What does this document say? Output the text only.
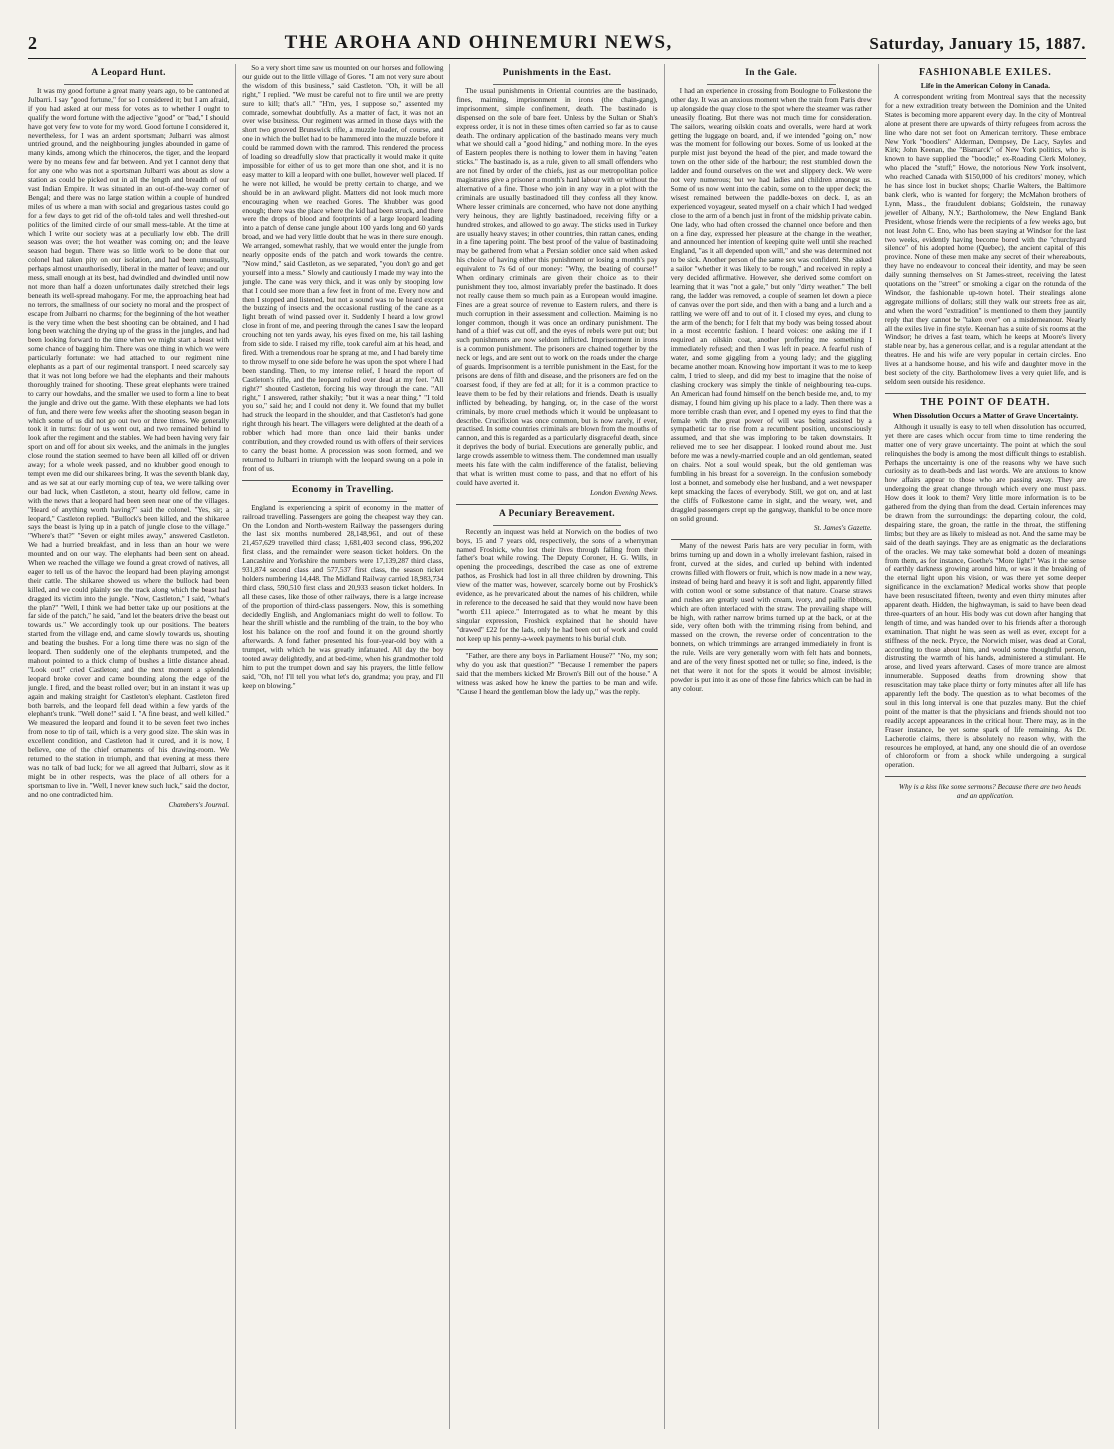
2	THE AROHA AND OHINEMURI NEWS,	Saturday, January 15, 1887.
A Leopard Hunt.

It was my good fortune a great many years ago, to be cantoned at Julbarri. I say "good fortune," for so I considered it; but I am afraid, if you had asked at our mess for votes as to whether I ought to qualify the word fortune with the adjective "good" or "bad," I should have got very few to vote for my word. Good fortune I considered it, nevertheless, for I was an ardent sportsman; Julbarri was almost untried ground, and the neighbouring jungles abounded in game of many kinds, among which the rhinoceros, the tiger, and the leopard were by no means few and far between. And yet I cannot deny that for any one who was not a sportsman Julbarri was about as slow a station as could be picked out in all the length and breadth of our vast Indian Empire. It was situated in an out-of-the-way corner of Bengal; and there was no large station within a couple of hundred miles of us where a man with social and gregarious tastes could go for a few days to get rid of the oft-told tales and well threshed-out politics of the limited circle of our small mess-table. At the time at which I write our society was at a peculiarly low ebb. The drill season was over; the hot weather was coming on; and the leave season had begun. There was so little work to be done that our colonel had taken pity on our isolation, and had been unusually, perhaps almost unauthorisedly, liberal in the matter of leave; and our mess, small enough at its best, had dwindled and dwindled until now not more than half a dozen unfortunates daily stretched their legs beneath its well-spread mahogany. For me, the approaching heat had no terrors, the smallness of our society no moral and the prospect of escape from Julbarri no charms; for the beginning of the hot weather is the very time when the best shooting can be obtained, and I had long been watching the drying up of the grass in the jungles, and had been looking forward to the time when we might start a beast with some chance of bagging him. There was one thing in which we were particularly fortunate: we had attached to our regiment nine elephants as a part of our regimental transport. I need scarcely say that it was not long before we had the elephants and their mahouts thoroughly trained for shooting. These great elephants were trained to carry our howdahs, and the smaller we used to form a line to beat the jungle and drive out the game. With these elephants we had lots of fun, and there were few weeks after the shooting season began in which some of us did not go out two or three times. We generally took it in turns: four of us went out, and two remained behind to look after the regiment and the stables. We had been having very fair sport on and off for about six weeks, and the animals in the jungles close round the station seemed to have been all killed off or driven away; for a whole week passed, and no khubber good enough to tempt even me did our shikarees bring. It was the seventh blank day, and as we sat at our early morning cup of tea, we were talking over our bad luck, when Castleton, a stout, hearty old fellow, came in with the news that a leopard had been seen near one of the villages. "Heard of anything worth having?" said the colonel. "Yes, sir; a leopard," Castleton replied. "Bullock's been killed, and the shikaree says the beast is lying up in a patch of jungle close to the village." "Where's that?" "Seven or eight miles away," answered Castleton. We had a hurried breakfast, and in less than an hour we were mounted and on our way. The elephants had been sent on ahead. When we reached the village we found a great crowd of natives, all eager to tell us of the havoc the leopard had been playing amongst their cattle. The shikaree showed us where the bullock had been killed, and we could plainly see the track along which the beast had dragged its victim into the jungle. "Now, Castleton," I said, "what's the plan?" "Well, I think we had better take up our positions at the far side of the patch," he said, "and let the beaters drive the beast out towards us." We accordingly took up our positions. The beaters started from the village end, and came slowly towards us, shouting and beating the bushes. For a long time there was no sign of the leopard. Then suddenly one of the elephants trumpeted, and the mahout pointed to a thick clump of bushes a little distance ahead. "Look out!" cried Castleton; and the next moment a splendid leopard broke cover and came bounding along the edge of the jungle. I fired, and the beast rolled over; but in an instant it was up again and making straight for Castleton's elephant. Castleton fired both barrels, and the leopard fell dead within a few yards of the elephant's trunk. "Well done!" said I. "A fine beast, and well killed." We measured the leopard and found it to be seven feet two inches from nose to tip of tail, which is a very good size. The skin was in excellent condition, and Castleton had it cured, and it is now, I believe, one of the chief ornaments of his drawing-room. We returned to the station in triumph, and that evening at mess there was no talk of bad luck; for we all agreed that Julbarri, slow as it might be in other respects, was the place of all others for a sportsman to live in. "Well, I never knew such luck," said the doctor, and no one contradicted him.

Chambers's Journal.

So a very short time saw us mounted on our horses and following our guide out to the little village of Gores. "I am not very sure about the wisdom of this business," said Castleton. "Oh, it will be all right," I replied. "We must be careful not to fire until we are pretty sure to kill; that's all." "H'm, yes, I suppose so," assented my comrade, somewhat doubtfully. As a matter of fact, it was not an over wise business. Our regiment was armed in those days with the short two grooved Brunswick rifle, a muzzle loader, of course, and one in which the bullet had to be hammered into the muzzle before it could be rammed down with the ramrod. This rendered the process of loading so dreadfully slow that practically it would make it quite impossible for either of us to get more than one shot, and it is no easy matter to kill a leopard with one bullet, however well placed. If he were not killed, he would be pretty certain to charge, and we should be in an awkward plight. Matters did not look much more encouraging when we reached Gores. The khubber was good enough; there was the place where the kid had been struck, and there were the drops of blood and footprints of a large leopard leading into a patch of dense cane jungle about 100 yards long and 60 yards broad, and we had very little doubt that he was in there sure enough. We arranged, somewhat rashly, that we would enter the jungle from nearly opposite ends of the patch and work towards the centre. "Now mind," said Castleton, as we separated, "you don't go and get yourself into a mess." Slowly and cautiously I made my way into the jungle. The cane was very thick, and it was only by stooping low that I could see more than a few feet in front of me. Every now and then I stopped and listened, but not a sound was to be heard except the buzzing of insects and the occasional rustling of the cane as a light breath of wind passed over it. Suddenly I heard a low growl close in front of me, and peering through the canes I saw the leopard crouching not ten yards away, his eyes fixed on me, his tail lashing from side to side. I raised my rifle, took careful aim at his head, and fired. With a tremendous roar he sprang at me, and I had barely time to throw myself to one side before he was upon the spot where I had been standing. Then, to my intense relief, I heard the report of Castleton's rifle, and the leopard rolled over dead at my feet. "All right?" shouted Castleton, forcing his way through the cane. "All right," I answered, rather shakily; "but it was a near thing." "I told you so," said he; and I could not deny it. We found that my bullet had struck the leopard in the shoulder, and that Castleton's had gone right through his heart. The villagers were delighted at the death of a robber which had more than once laid their banks under contribution, and they crowded round us with offers of their services to carry the beast home. A procession was soon formed, and we returned to Julbarri in triumph with the leopard swung on a pole in front of us.

Economy in Travelling.

England is experiencing a spirit of economy in the matter of railroad travelling. Passengers are going the cheapest way they can. On the London and North-western Railway the passengers during the last six months numbered 28,148,961, and out of these 21,457,629 travelled third class; 1,681,403 second class, 996,202 first class, and the remainder were season ticket holders. On the Lancashire and Yorkshire the numbers were 17,139,287 third class, 931,874 second class and 577,537 first class, the season ticket holders numbering 14,448. The Midland Railway carried 18,983,734 third class, 590,510 first class and 20,933 season ticket holders. In all these cases, like those of other railways, there is a large increase of the proportion of third-class passengers. Now, this is something decidedly English, and Anglomaniacs might do well to follow. To hear the shrill whistle and the rumbling of the train, to the boy who lost his balance on the roof and found it on the ground shortly afterwards. A fond father presented his four-year-old boy with a trumpet, with which he was greatly infatuated. All day the boy tooted away delightedly, and at bed-time, when his grandmother told him to put the trumpet down and say his prayers, the little fellow said, "Oh, no! I'll tell you what let's do, grandma; you pray, and I'll keep on blowing."

Punishments in the East.

The usual punishments in Oriental countries are the bastinado, fines, maiming, imprisonment in irons (the chain-gang), imprisonment, simple confinement, death. The bastinado is dispensed on the sole of bare feet. Unless by the Sultan or Shah's express order, it is not in these times often carried so far as to cause death. The ordinary application of the bastinado means very much what we should call a "good hiding," and nothing more. In the eyes of Eastern peoples there is nothing to lower them in having "eaten sticks." The bastinado is, as a rule, given to all small offenders who are not fined by order of the chiefs, just as our metropolitan police magistrates give a prisoner a month's hard labour with or without the alternative of a fine. Those who join in any way in a plot with the criminals are usually bastinadoed till they confess all they know. Where lesser criminals are concerned, who have not done anything very heinous, they are lightly bastinadoed, receiving fifty or a hundred strokes, and allowed to go away. The sticks used in Turkey are usually heavy staves; in other countries, thin rattan canes, ending in a fine tapering point. The best proof of the value of bastinadoing may be gathered from what a Persian soldier once said when asked his choice of having either this punishment or losing a month's pay equivalent to 7s 6d of our money: "Why, the beating of course!" When ordinary criminals are given their choice as to their punishment they too, almost invariably prefer the bastinado. It does not really cause them so much pain as a European would imagine. Fines are a great source of revenue to Eastern rulers, and there is much corruption in their assessment and collection. Maiming is no longer common, though it was once an ordinary punishment. The hand of a thief was cut off, and the eyes of rebels were put out; but such punishments are now seldom inflicted. Imprisonment in irons is a common punishment. The prisoners are chained together by the neck or legs, and are sent out to work on the roads under the charge of guards. Imprisonment is a terrible punishment in the East, for the prisons are dens of filth and disease, and the prisoners are fed on the coarsest food, if they are fed at all; for it is a common practice to leave them to be fed by their relations and friends. Death is usually inflicted by beheading, by hanging, or, in the case of the worst criminals, by more cruel methods which it would be unpleasant to describe. Crucifixion was once common, but is now rarely, if ever, practised. In some countries criminals are blown from the mouths of cannon, and this is regarded as a particularly disgraceful death, since it deprives the body of burial. Executions are generally public, and large crowds assemble to witness them. The condemned man usually meets his fate with the calm indifference of the fatalist, believing that what is written must come to pass, and that no effort of his could have averted it.

London Evening News.
A Pecuniary Bereavement.

Recently an inquest was held at Norwich on the bodies of two boys, 15 and 7 years old, respectively, the sons of a wherryman named Froshick, who lost their lives through falling from their father's boat while rowing. The Deputy Coroner, H. G. Wills, in opening the proceedings, described the case as one of extreme pathos, as Froshick had lost in all three children by drowning. This view of the matter was, however, scarcely borne out by Froshick's evidence, as he prevaricated about the names of his children, while in reference to the deceased he said that they would now have been "worth £11 apiece." Interrogated as to what he meant by this singular expression, Froshick explained that he should have "drawed" £22 for the lads, only he had been out of work and could not keep up his penny-a-week payments to his burial club.

"Father, are there any boys in Parliament House?" "No, my son; why do you ask that question?" "Because I remember the papers said that the members kicked Mr Brown's Bill out of the house." A witness was asked how he knew the parties to be man and wife. "Cause I heard the gentleman blow the lady up," was the reply.

In the Gale.

I had an experience in crossing from Boulogne to Folkestone the other day. It was an anxious moment when the train from Paris drew up alongside the quay close to the spot where the steamer was rather uneasily floating. But there was not much time for consideration. The sailors, wearing oilskin coats and overalls, were hard at work getting the luggage on board, and, if we intended "going on," now was the moment for following our boxes. Some of us looked at the purple mist just beyond the head of the pier, and made toward the town on the other side of the harbour; the rest stumbled down the ladder and found ourselves on the wet and slippery deck. We were not very numerous; but we had ladies and children amongst us. Some of us now went into the cabin, some on to the upper deck; the wisest remained between the paddle-boxes on deck. I, as an experienced voyageur, seated myself on a chair which I had wedged close to the arm of a bench just in front of the midship private cabin. One lady, who had often crossed the channel once before and then on a fine day, expressed her pleasure at the change in the weather, and announced her intention of keeping quite well until she reached England, "as it all depended upon will," and she was determined not to be sick. Another person of the same sex was confident. She asked a sailor "whether it was likely to be rough," and received in reply a very decided affirmative. However, she derived some comfort on learning that it was "not a gale," but only "dirty weather." The bell rang, the ladder was removed, a couple of seamen let down a piece of canvas over the port side, and then with a bang and a lurch and a rattling we were off and to out of it. I closed my eyes, and clung to the arm of the bench; for I felt that my body was being tossed about in a most eccentric fashion. I heard voices: one asking me if I required an oilskin coat, another proffering me something I immediately refused; and then I was left in peace. A fearful rush of water, and some giggling from a young lady; and the giggling became another moan. Knowing how important it was to me to keep calm, I tried to sleep, and did my best to imagine that the noise of clashing crockery was simply the tinkle of neighbouring tea-cups. An American had found himself on the bench beside me, and, to my dismay, I found him giving up his place to a lady. Then there was a more terrible crash than ever, and I opened my eyes to find that the female with the great power of will was being assisted by a sympathetic tar to rise from a recumbent position, unconsciously assumed, and that she was imploring to be taken downstairs. It relieved me to see her disappear. I looked round about me. Just before me was a newly-married couple and an old gentleman, seated on chairs. Not a soul would speak, but the old gentleman was fumbling in his breast for a sovereign. In the confusion somebody lost a bonnet, and somebody else her husband, and a wet newspaper kept smacking the faces of everybody. Still, we got on, and at last the cliffs of Folkestone came in sight, and the weary, wet, and draggled passengers crept up the gangway, thankful to be once more on solid ground.

St. James's Gazette.

Many of the newest Paris hats are very peculiar in form, with brims turning up and down in a wholly irrelevant fashion, raised in front, curved at the sides, and curled up behind with indented crowns filled with flowers or fruit, which is now made in a new way, instead of being hard and heavy it is soft and light, apparently filled with cotton wool or some substance of that nature. Coarse straws and rushes are greatly used with cream, ivory, and paille ribbons, which are often interlaced with the straw. The prevailing shape will be high, with rather narrow brims turned up at the back, or at the side, very often both with the trimming rising from behind, and massed on the crown, the reverse order of concentration to the bonnets, on which trimmings are arranged immediately in front is the rule. Veils are very generally worn with felt hats and bonnets, and are of the very finest spotted net or tulle; so fine, indeed, is the net that were it not for the spots it would be almost invisible; powder is put into it as one of those fine fabrics which can be had in any colour.

FASHIONABLE EXILES.
Life in the American Colony in Canada.

A correspondent writing from Montreal says that the necessity for a new extradition treaty between the Dominion and the United States is becoming more apparent every day. In the city of Montreal alone at present there are upwards of thirty refugees from across the line who dare not set foot on American territory. These embrace New York "boodlers" Alderman, Dempsey, De Lacy, Sayles and Kirk; John Keenan, the "Bismarck" of New York politics, who is known to have supplied the "boodle;" ex-Roading Clerk Moloney, who placed the "stuff;" Howe, the notorious New York insolvent, who reached Canada with $150,000 of his creditors' money, which he has since lost in bucket shops; Charlie Walters, the Baltimore bank clerk, who is wanted for forgery; the McMahon brothers of Lynn, Mass., the fraudulent dobians; Goldstein, the runaway jeweller of Albany, N.Y.; Bartholomew, the New England Bank President, whose friends were the recipients of a few weeks ago, but not least John C. Eno, who has been staying at Windsor for the last two weeks, evidently having become bored with the "churchyard silence" of his adopted home (Quebec), the ancient capital of this province. None of these men make any secret of their whereabouts, they have no endeavour to conceal their identity, and may be seen daily sunning themselves on St James-street, receiving the latest quotations on the "street" or smoking a cigar on the rotunda of the Windsor, the fashionable up-town hotel. Their stealings alone aggregate millions of dollars; still they walk our streets free as air, and when the word "extradition" is mentioned to them they jauntily reply that they cannot be "taken over" on a misdemeanour. Nearly all the exiles live in fine style. Keenan has a suite of six rooms at the Windsor; he drives a fast team, which he keeps at Moore's livery stable near by, has a generous cellar, and is a regular attendant at the theatres. He and his wife are very popular in certain circles. Eno lives at a handsome house, and his wife and daughter move in the best society of the city. Bartholomew lives a very quiet life, and is seldom seen outside his residence.

THE POINT OF DEATH.
When Dissolution Occurs a Matter of Grave Uncertainty.

Although it usually is easy to tell when dissolution has occurred, yet there are cases which occur from time to time rendering the matter one of very grave uncertainty. The point at which the soul relinquishes the body is among the most difficult things to establish. Perhaps the uncertainty is one of the reasons why we have such curiosity as to death-beds and last words. We are anxious to know how affairs appear to those who are passing away. They are undergoing the great change through which every one must pass. How does it look to them? Very little more information is to be gathered from the dying than from the dead. Certain inferences may be drawn from the surroundings: the departing colour, the cold, despairing stare, the groan, the rattle in the throat, the stiffening limbs; but they are as likely to mislead as not. And the same may be said of the death sayings. They are as enigmatic as the declarations of the oracles. We may take somewhat bold a dozen of meanings from them, as for instance, Goethe's "More light!" Was it the sense of earthly darkness growing around him, or was it the breaking of the eternal light upon his vision, or was there yet some deeper significance in the exclamation? Medical works show that people have been resuscitated fifteen, twenty and even thirty minutes after apparent death. Hidden, the highwayman, is said to have been dead three-quarters of an hour. His body was cut down after hanging that length of time, and was handed over to his friends after a thorough examination. That night he was seen as well as ever, except for a stiffness of the neck. Pryce, the Norwich miser, was dead at Coral, according to those about him, and would some thoughtful person, distrusting the warmth of his hands, administered a stimulant. He arose, and lived years afterward. Cases of more trance are almost innumerable. Supposed deaths from drowning show that resuscitation may take place thirty or forty minutes after all life has apparently left the body. The question as to what becomes of the soul in this long interval is one that puzzles many. But the chief point of the matter is that the physicians and friends should not too readily accept appearances in the critical hour. There may, as in the Fraser instance, be yet some spark of life remaining. As Dr. Lacherotie claims, there is absolutely no reason why, with the resources he employed, at hand, any one should die of an overdose of chloroform or from a shock while undergoing a surgical operation.

Why is a kiss like some sermons? Because there are two heads and an application.
